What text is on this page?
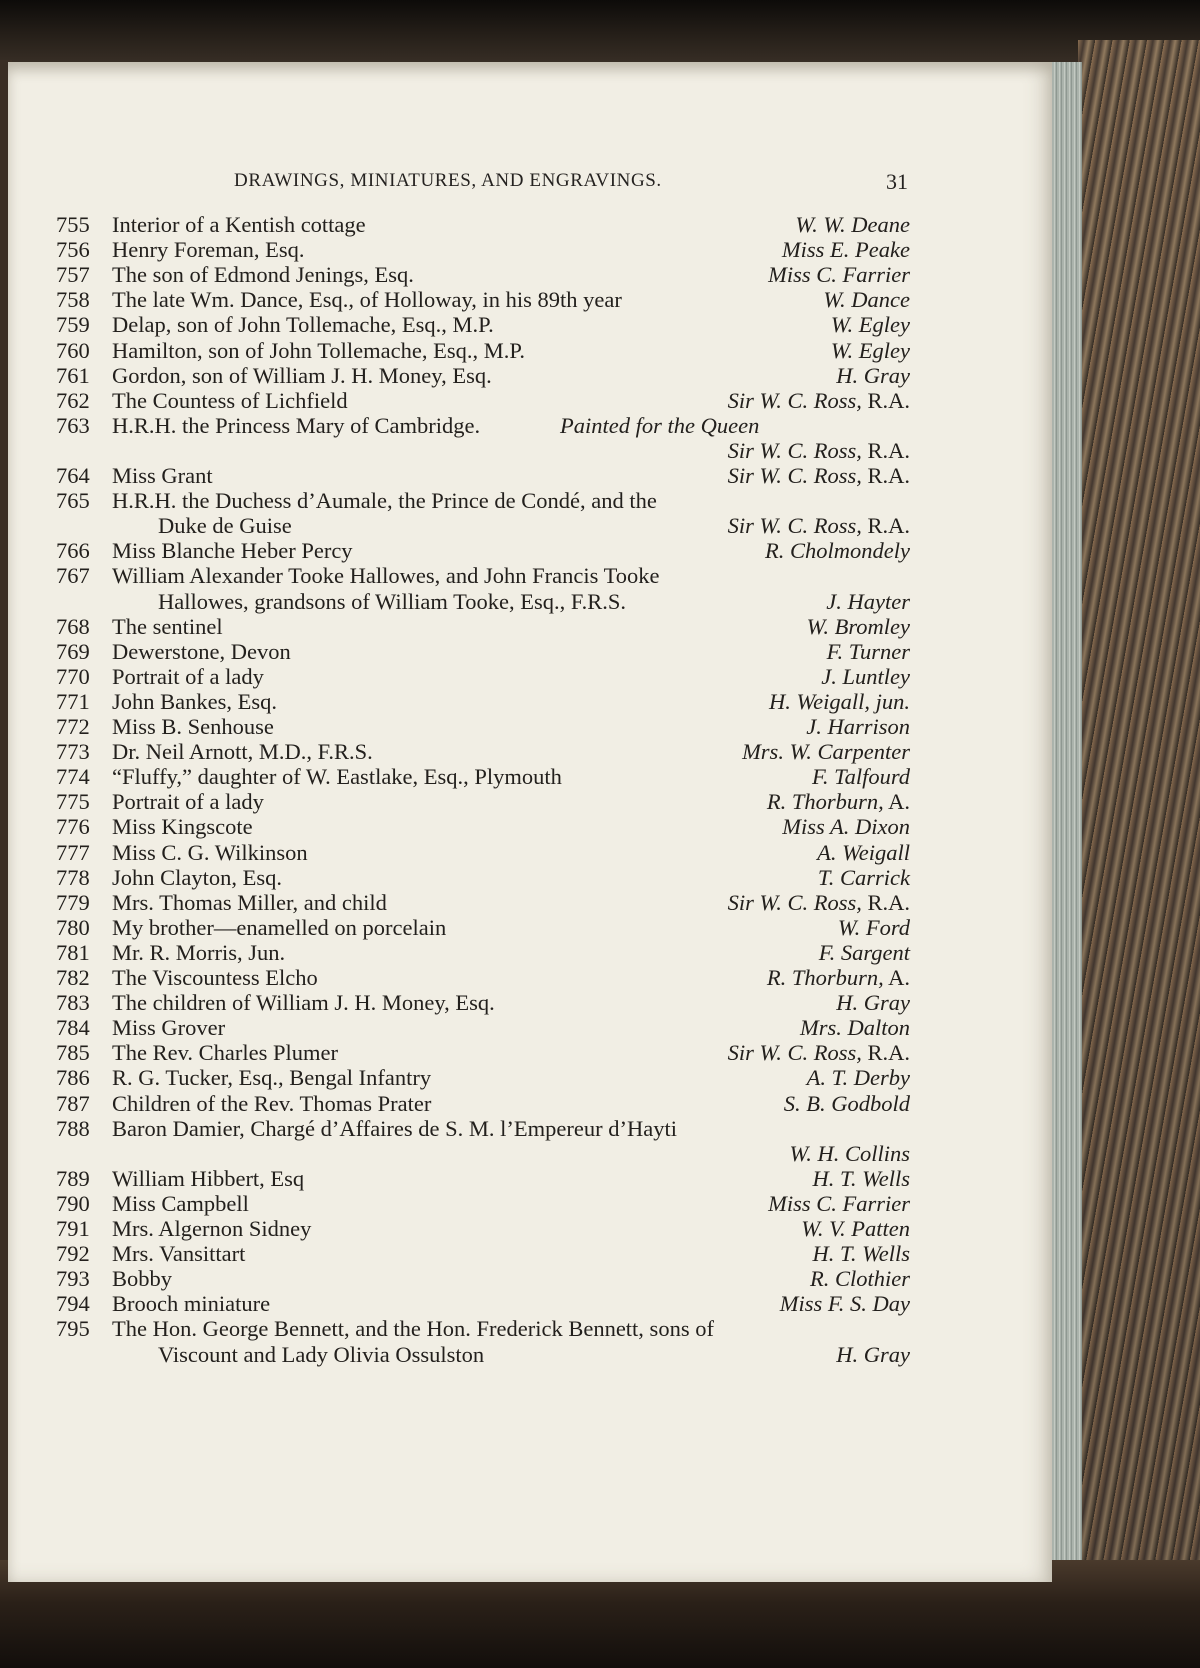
DRAWINGS, MINIATURES, AND ENGRAVINGS.	31
755 Interior of a Kentish cottage	W. W. Deane
756 Henry Foreman, Esq.	Miss E. Peake
757 The son of Edmond Jenings, Esq.	Miss C. Farrier
758 The late Wm. Dance, Esq., of Holloway, in his 89th year	W. Dance
759 Delap, son of John Tollemache, Esq., M.P.	W. Egley
760 Hamilton, son of John Tollemache, Esq., M.P.	W. Egley
761 Gordon, son of William J. H. Money, Esq.	H. Gray
762 The Countess of Lichfield	Sir W. C. Ross, R.A.
763 H.R.H. the Princess Mary of Cambridge.	Painted for the Queen
Sir W. C. Ross, R.A.
764 Miss Grant	Sir W. C. Ross, R.A.
765 H.R.H. the Duchess d’Aumale, the Prince de Condé, and the
Duke de Guise	Sir W. C. Ross, R.A.
766 Miss Blanche Heber Percy	R. Cholmondely
767 William Alexander Tooke Hallowes, and John Francis Tooke
Hallowes, grandsons of William Tooke, Esq., F.R.S.	J. Hayter
768 The sentinel	W. Bromley
769 Dewerstone, Devon	F. Turner
770 Portrait of a lady	J. Luntley
771 John Bankes, Esq.	H. Weigall, jun.
772 Miss B. Senhouse	J. Harrison
773 Dr. Neil Arnott, M.D., F.R.S.	Mrs. W. Carpenter
774 “Fluffy,” daughter of W. Eastlake, Esq., Plymouth	F. Talfourd
775 Portrait of a lady	R. Thorburn, A.
776 Miss Kingscote	Miss A. Dixon
777 Miss C. G. Wilkinson	A. Weigall
778 John Clayton, Esq.	T. Carrick
779 Mrs. Thomas Miller, and child	Sir W. C. Ross, R.A.
780 My brother—enamelled on porcelain	W. Ford
781 Mr. R. Morris, Jun.	F. Sargent
782 The Viscountess Elcho	R. Thorburn, A.
783 The children of William J. H. Money, Esq.	H. Gray
784 Miss Grover	Mrs. Dalton
785 The Rev. Charles Plumer	Sir W. C. Ross, R.A.
786 R. G. Tucker, Esq., Bengal Infantry	A. T. Derby
787 Children of the Rev. Thomas Prater	S. B. Godbold
788 Baron Damier, Chargé d’Affaires de S. M. l’Empereur d’Hayti
W. H. Collins
789 William Hibbert, Esq	H. T. Wells
790 Miss Campbell	Miss C. Farrier
791 Mrs. Algernon Sidney	W. V. Patten
792 Mrs. Vansittart	H. T. Wells
793 Bobby	R. Clothier
794 Brooch miniature	Miss F. S. Day
795 The Hon. George Bennett, and the Hon. Frederick Bennett, sons of
Viscount and Lady Olivia Ossulston	H. Gray
